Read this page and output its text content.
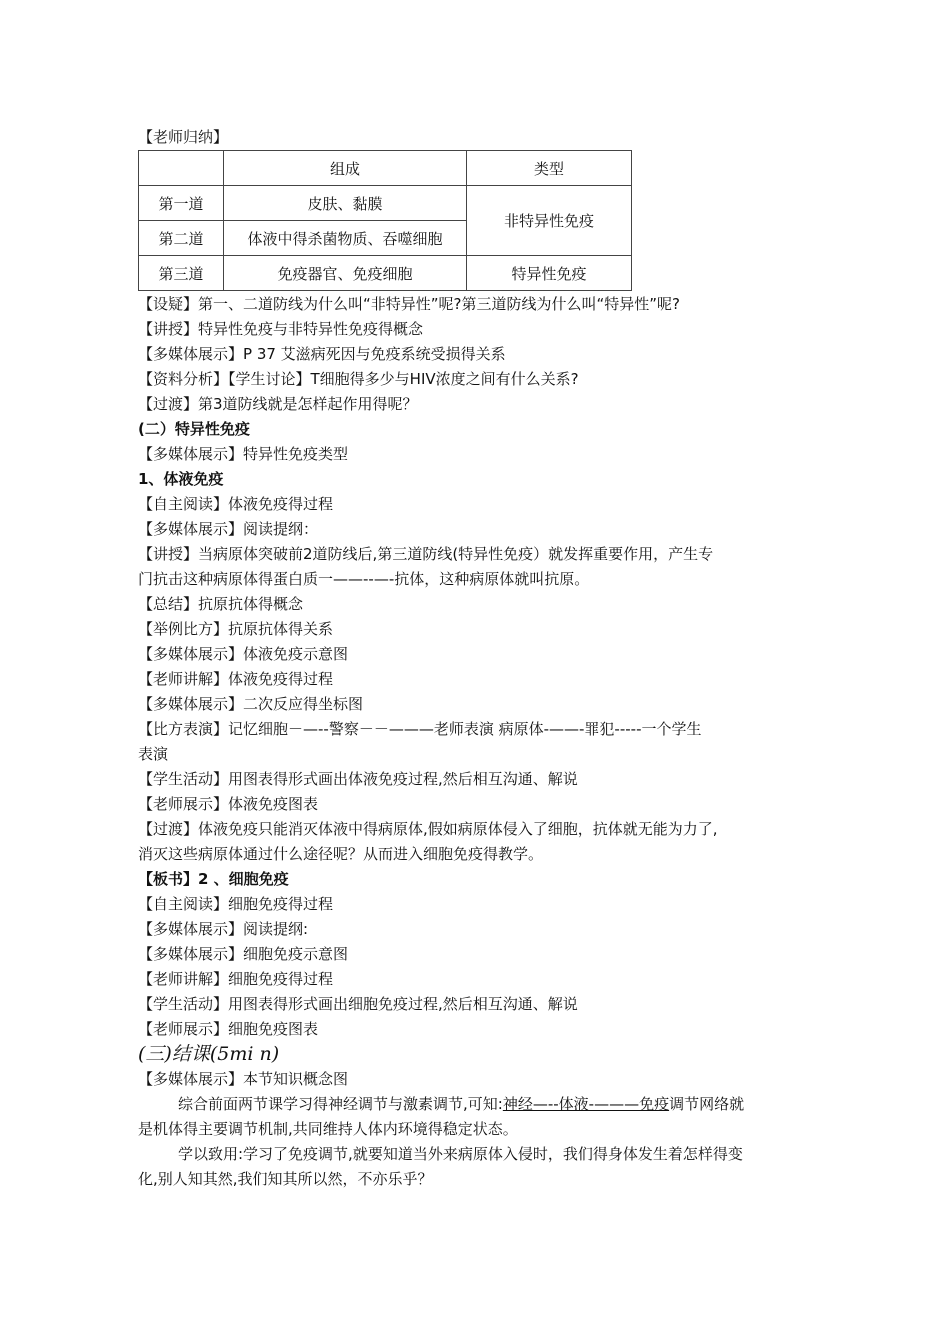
【老师归纳】
	组成	类型
第一道	皮肤、黏膜	非特异性免疫
第二道	体液中得杀菌物质、吞噬细胞	
第三道	免疫器官、免疫细胞	特异性免疫
【设疑】第一、二道防线为什么叫“非特异性”呢?第三道防线为什么叫“特异性”呢?
【讲授】特异性免疫与非特异性免疫得概念
【多媒体展示】P 37 艾滋病死因与免疫系统受损得关系
【资料分析】【学生讨论】T细胞得多少与HIV浓度之间有什么关系?
【过渡】第3道防线就是怎样起作用得呢？
(二）特异性免疫
【多媒体展示】特异性免疫类型
1、体液免疫
【自主阅读】体液免疫得过程
【多媒体展示】阅读提纲：
【讲授】当病原体突破前2道防线后,第三道防线(特异性免疫）就发挥重要作用，产生专
门抗击这种病原体得蛋白质一——--—-抗体，这种病原体就叫抗原。
【总结】抗原抗体得概念
【举例比方】抗原抗体得关系
【多媒体展示】体液免疫示意图
【老师讲解】体液免疫得过程
【多媒体展示】二次反应得坐标图
【比方表演】记忆细胞－—--警察－－———老师表演 病原体-——-罪犯-----一个学生
表演
【学生活动】用图表得形式画出体液免疫过程,然后相互沟通、解说
【老师展示】体液免疫图表
【过渡】体液免疫只能消灭体液中得病原体,假如病原体侵入了细胞，抗体就无能为力了,
消灭这些病原体通过什么途径呢？从而进入细胞免疫得教学。
【板书】2 、细胞免疫
【自主阅读】细胞免疫得过程
【多媒体展示】阅读提纲:
【多媒体展示】细胞免疫示意图
【老师讲解】细胞免疫得过程
【学生活动】用图表得形式画出细胞免疫过程,然后相互沟通、解说
【老师展示】细胞免疫图表
(三)结课(5mi n)
【多媒体展示】本节知识概念图
综合前面两节课学习得神经调节与激素调节,可知:神经—--体液-———免疫调节网络就
是机体得主要调节机制,共同维持人体内环境得稳定状态。
学以致用:学习了免疫调节,就要知道当外来病原体入侵时，我们得身体发生着怎样得变
化,别人知其然,我们知其所以然，不亦乐乎？
